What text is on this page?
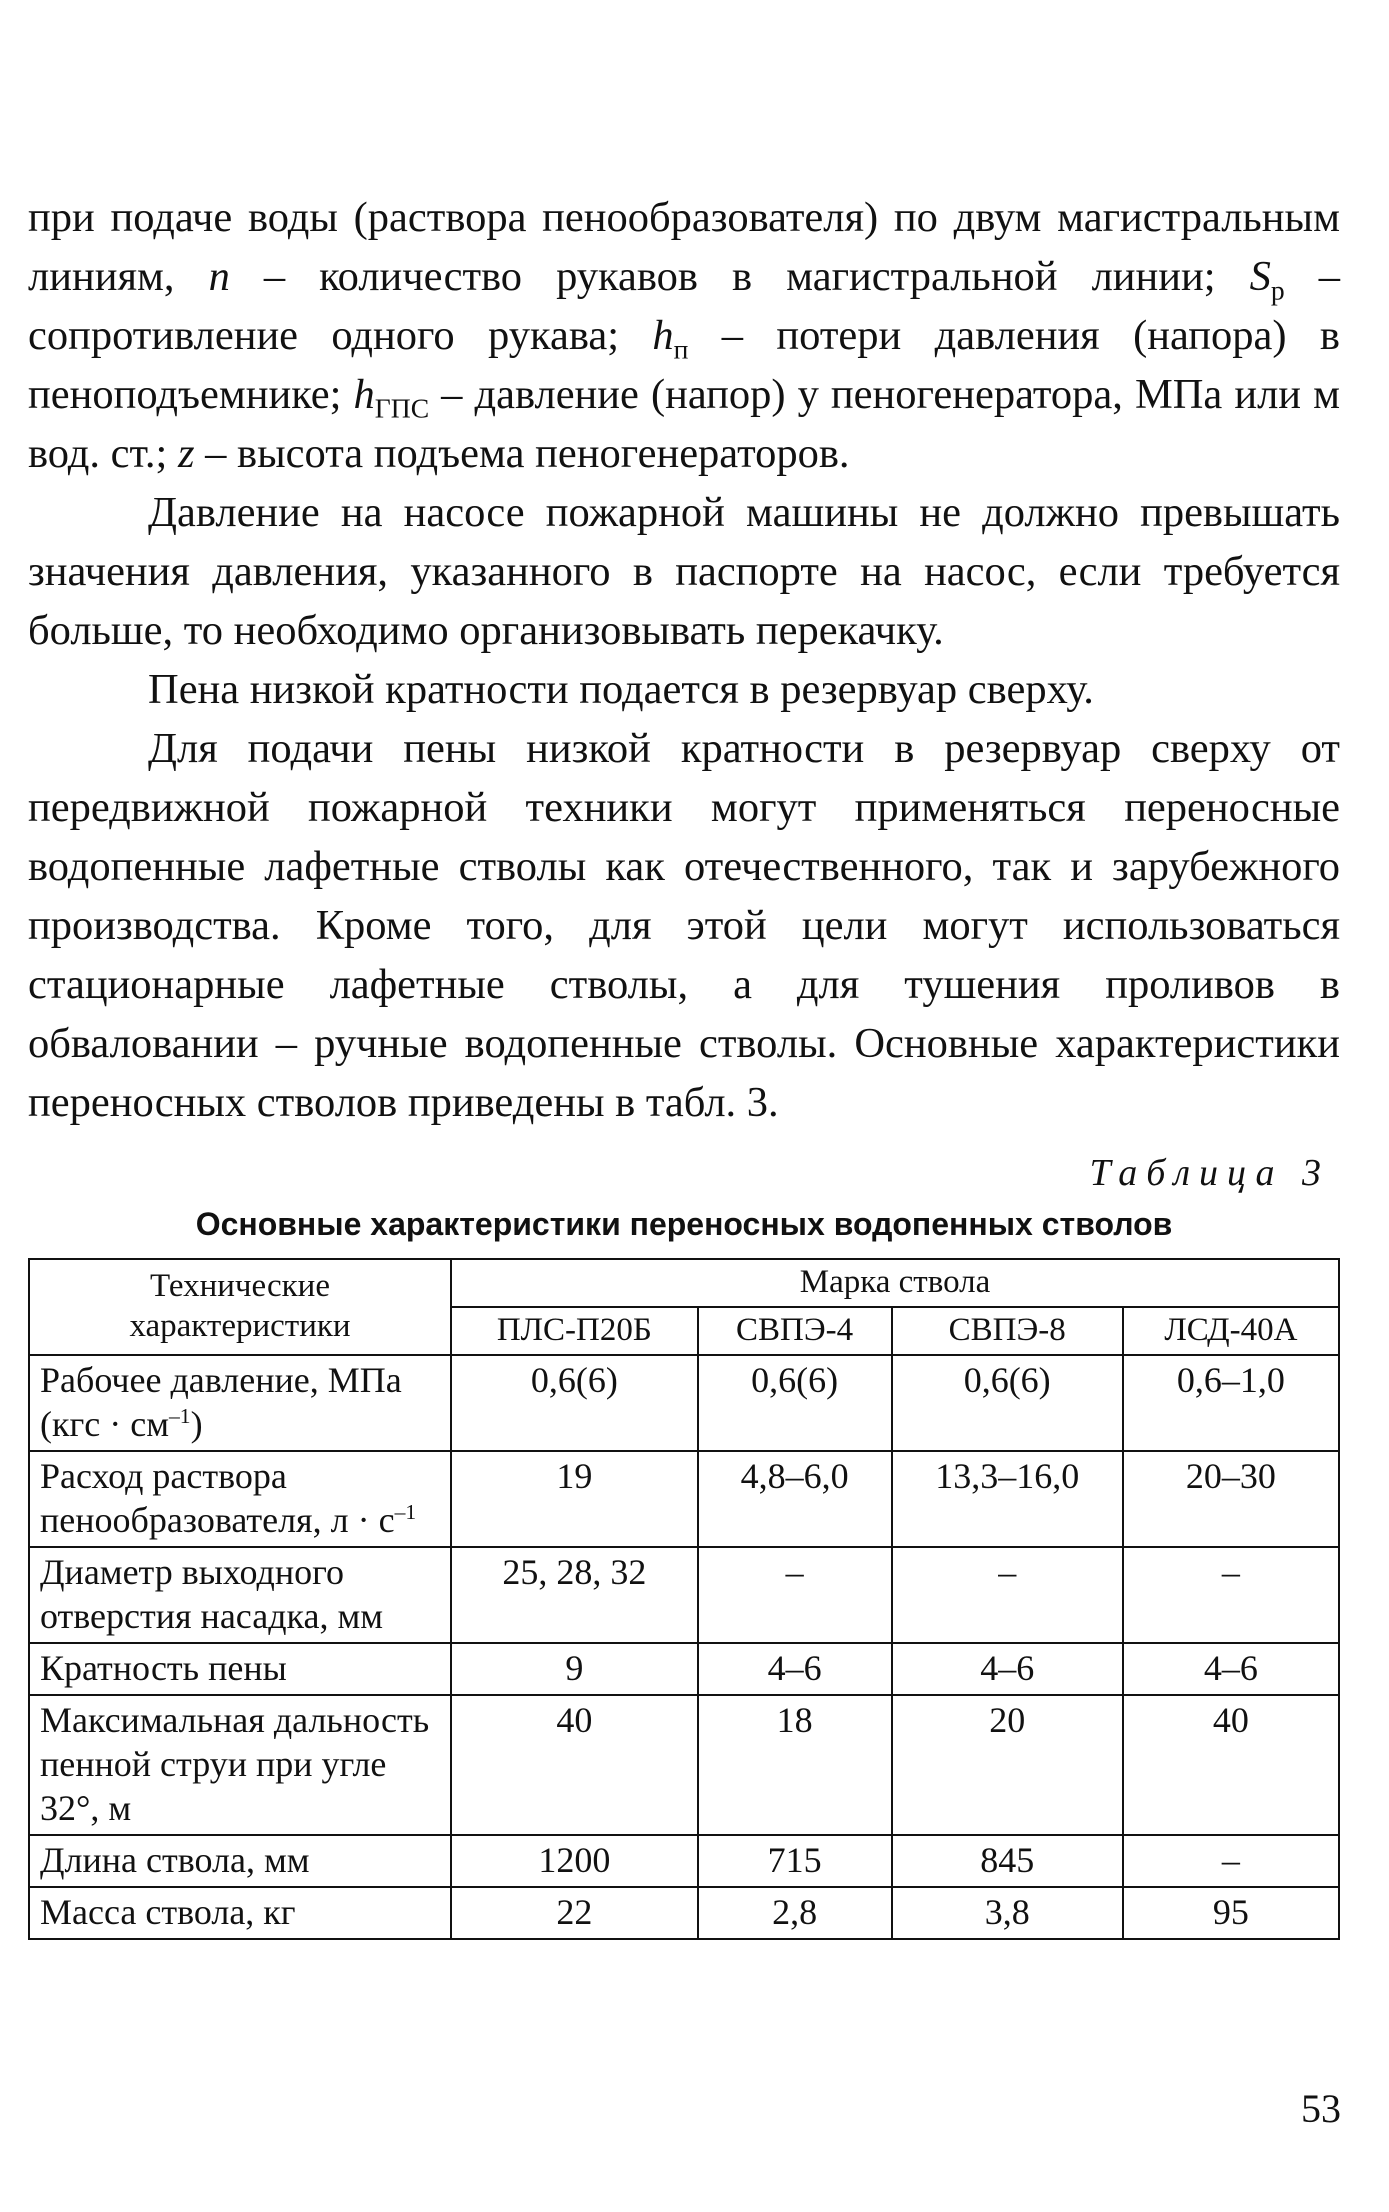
при подаче воды (раствора пенообразователя) по двум магистральным линиям, n – количество рукавов в магистральной линии; $S_р$ – сопротивление одного рукава; $h_п$ – потери давления (напора) в пеноподъемнике; $h_{ГПС}$ – давление (напор) у пеногенератора, МПа или м вод. ст.; z – высота подъема пеногенераторов.

Давление на насосе пожарной машины не должно превышать значения давления, указанного в паспорте на насос, если требуется больше, то необходимо организовывать перекачку.

Пена низкой кратности подается в резервуар сверху.

Для подачи пены низкой кратности в резервуар сверху от передвижной пожарной техники могут применяться переносные водопенные лафетные стволы как отечественного, так и зарубежного производства. Кроме того, для этой цели могут использоваться стационарные лафетные стволы, а для тушения проливов в обваловании – ручные водопенные стволы. Основные характеристики переносных стволов приведены в табл. 3.

Таблица 3
Основные характеристики переносных водопенных стволов
Технические характеристики	Марка ствола			
	ПЛС-П20Б	СВПЭ-4	СВПЭ-8	ЛСД-40А
Рабочее давление, МПа $(кгс \cdot см^{-1})$	0,6(6)	0,6(6)	0,6(6)	0,6–1,0
Расход раствора пенообразователя, $л \cdot с^{-1}$	19	4,8–6,0	13,3–16,0	20–30
Диаметр выходного отверстия насадка, мм	25, 28, 32	–	–	–
Кратность пены	9	4–6	4–6	4–6
Максимальная дальность пенной струи при угле 32°, м	40	18	20	40
Длина ствола, мм	1200	715	845	–
Масса ствола, кг	22	2,8	3,8	95
53
